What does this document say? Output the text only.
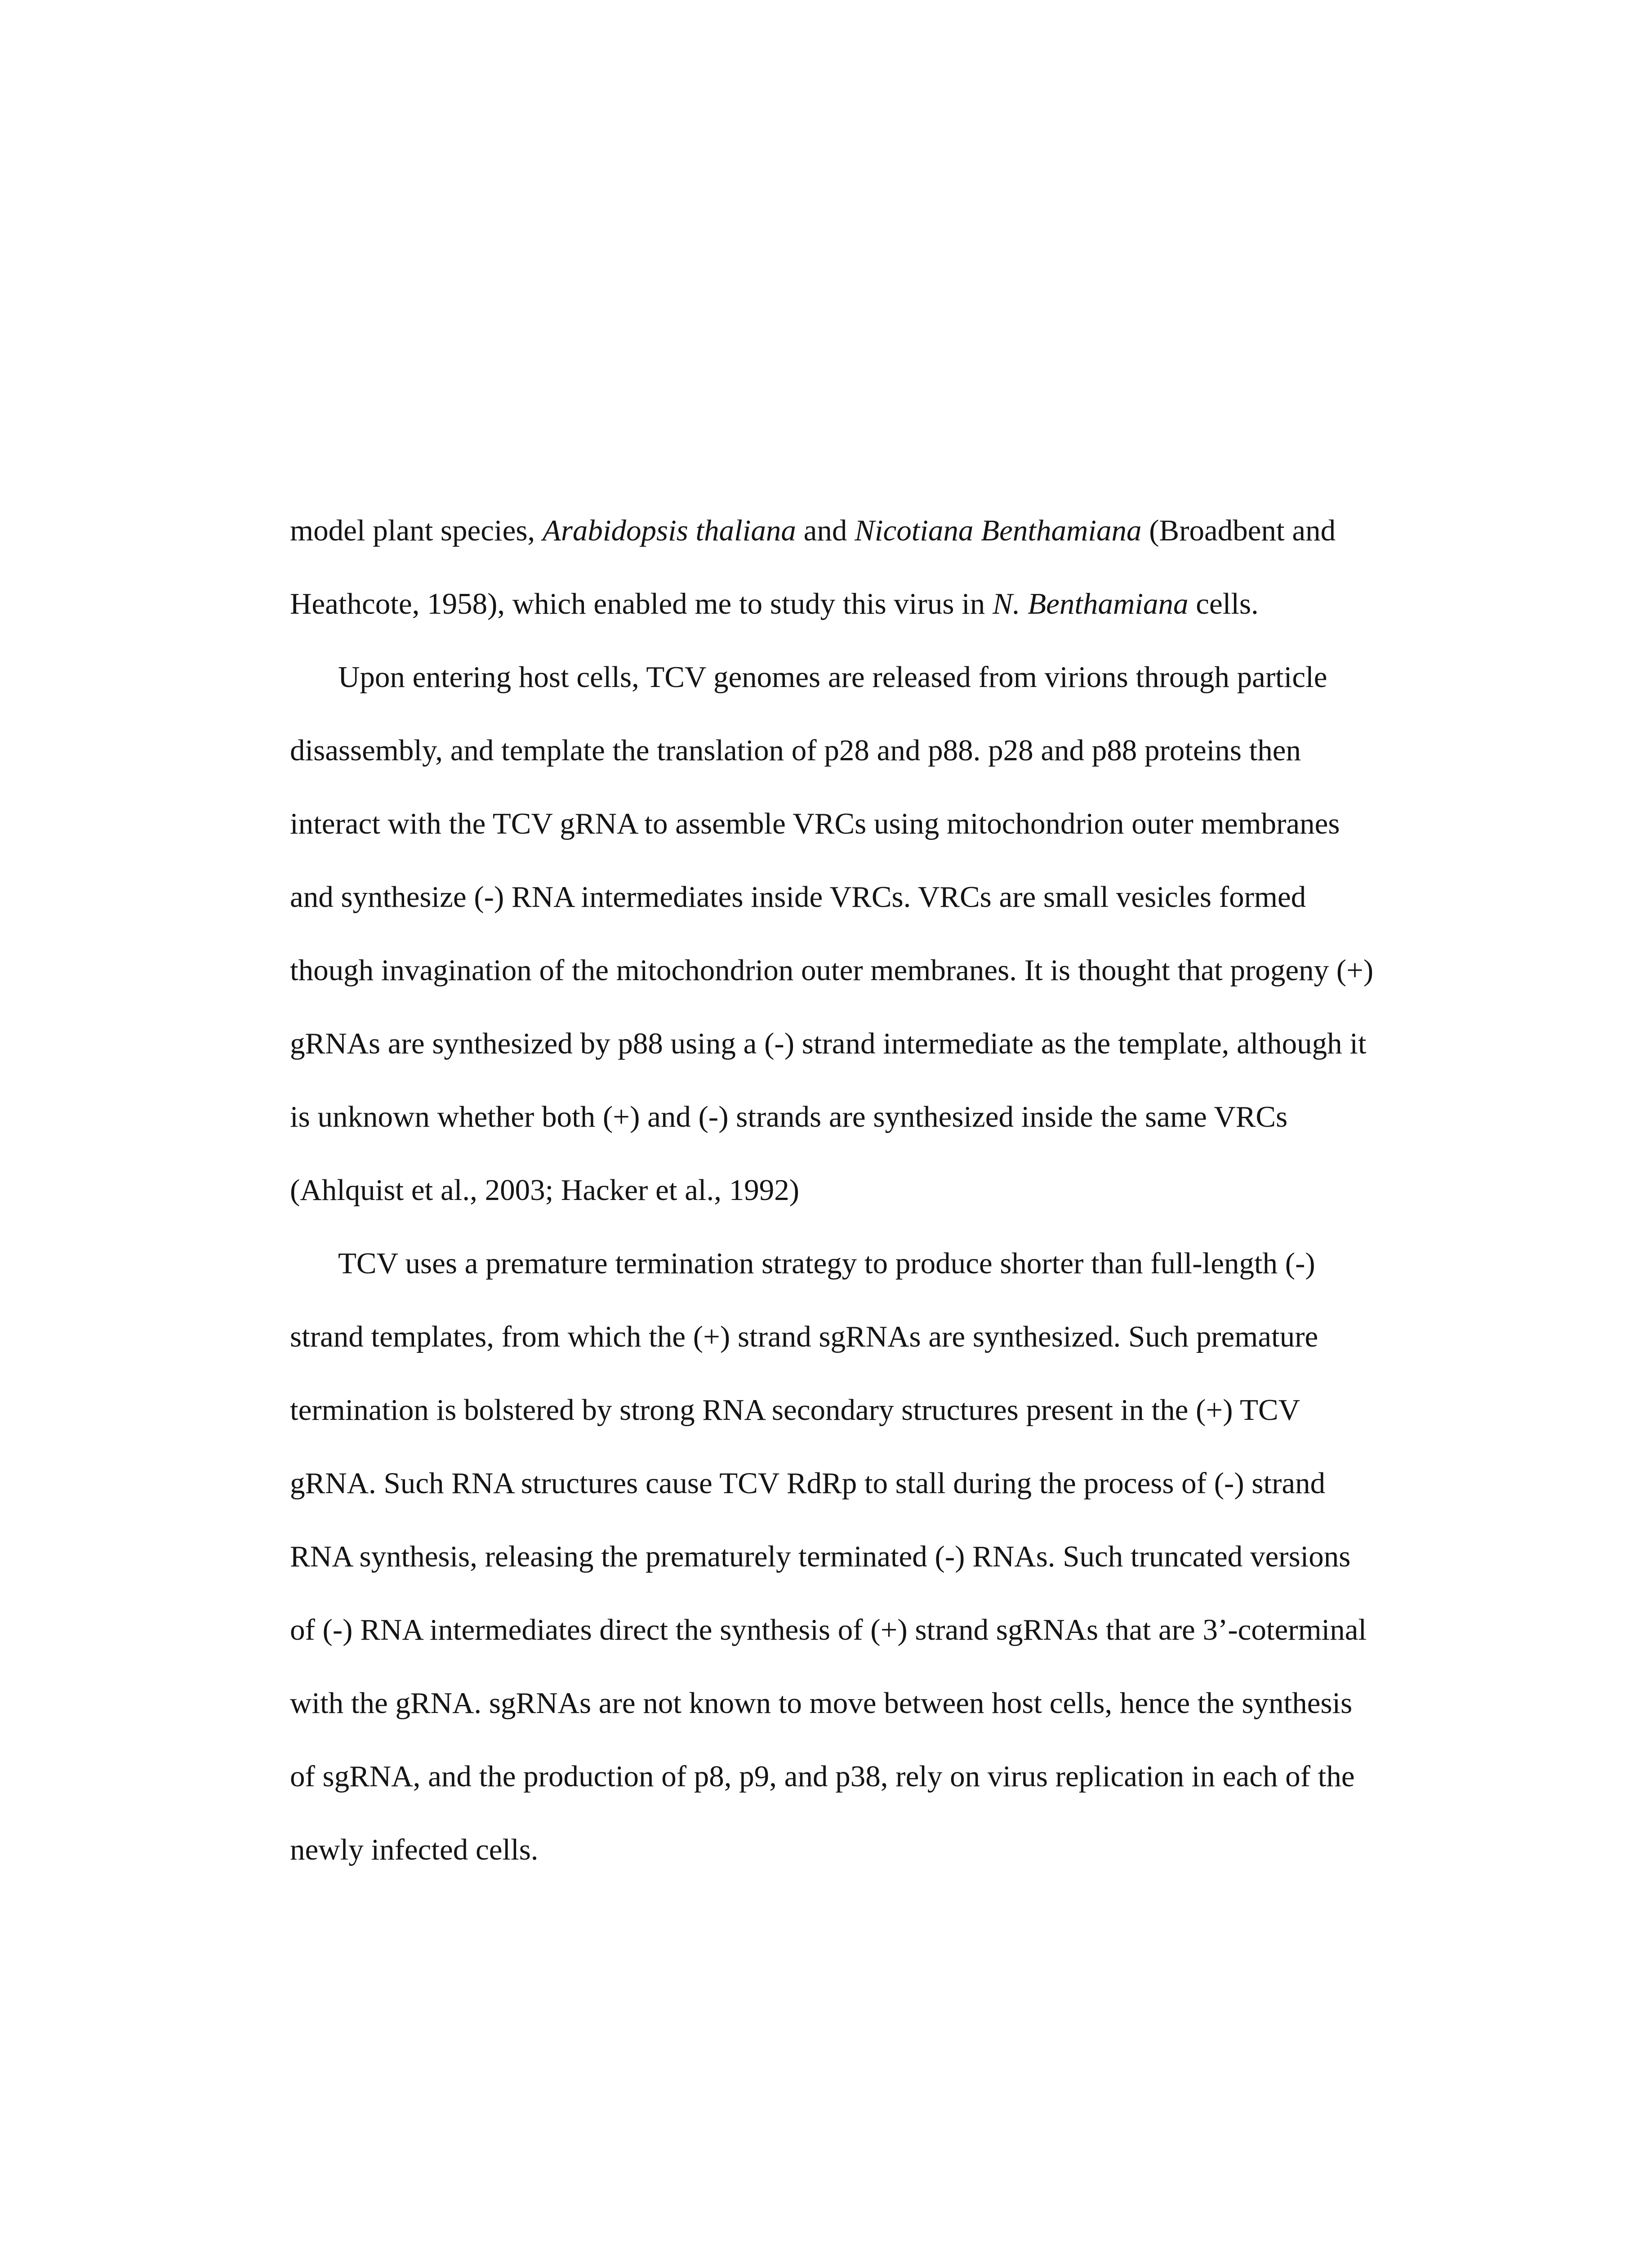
model plant species, Arabidopsis thaliana and Nicotiana Benthamiana (Broadbent and
Heathcote, 1958), which enabled me to study this virus in N. Benthamiana cells.
Upon entering host cells, TCV genomes are released from virions through particle
disassembly, and template the translation of p28 and p88. p28 and p88 proteins then
interact with the TCV gRNA to assemble VRCs using mitochondrion outer membranes
and synthesize (-) RNA intermediates inside VRCs. VRCs are small vesicles formed
though invagination of the mitochondrion outer membranes. It is thought that progeny (+)
gRNAs are synthesized by p88 using a (-) strand intermediate as the template, although it
is unknown whether both (+) and (-) strands are synthesized inside the same VRCs
(Ahlquist et al., 2003; Hacker et al., 1992)
TCV uses a premature termination strategy to produce shorter than full-length (-)
strand templates, from which the (+) strand sgRNAs are synthesized. Such premature
termination is bolstered by strong RNA secondary structures present in the (+) TCV
gRNA. Such RNA structures cause TCV RdRp to stall during the process of (-) strand
RNA synthesis, releasing the prematurely terminated (-) RNAs. Such truncated versions
of (-) RNA intermediates direct the synthesis of (+) strand sgRNAs that are 3’-coterminal
with the gRNA. sgRNAs are not known to move between host cells, hence the synthesis
of sgRNA, and the production of p8, p9, and p38, rely on virus replication in each of the
newly infected cells.
